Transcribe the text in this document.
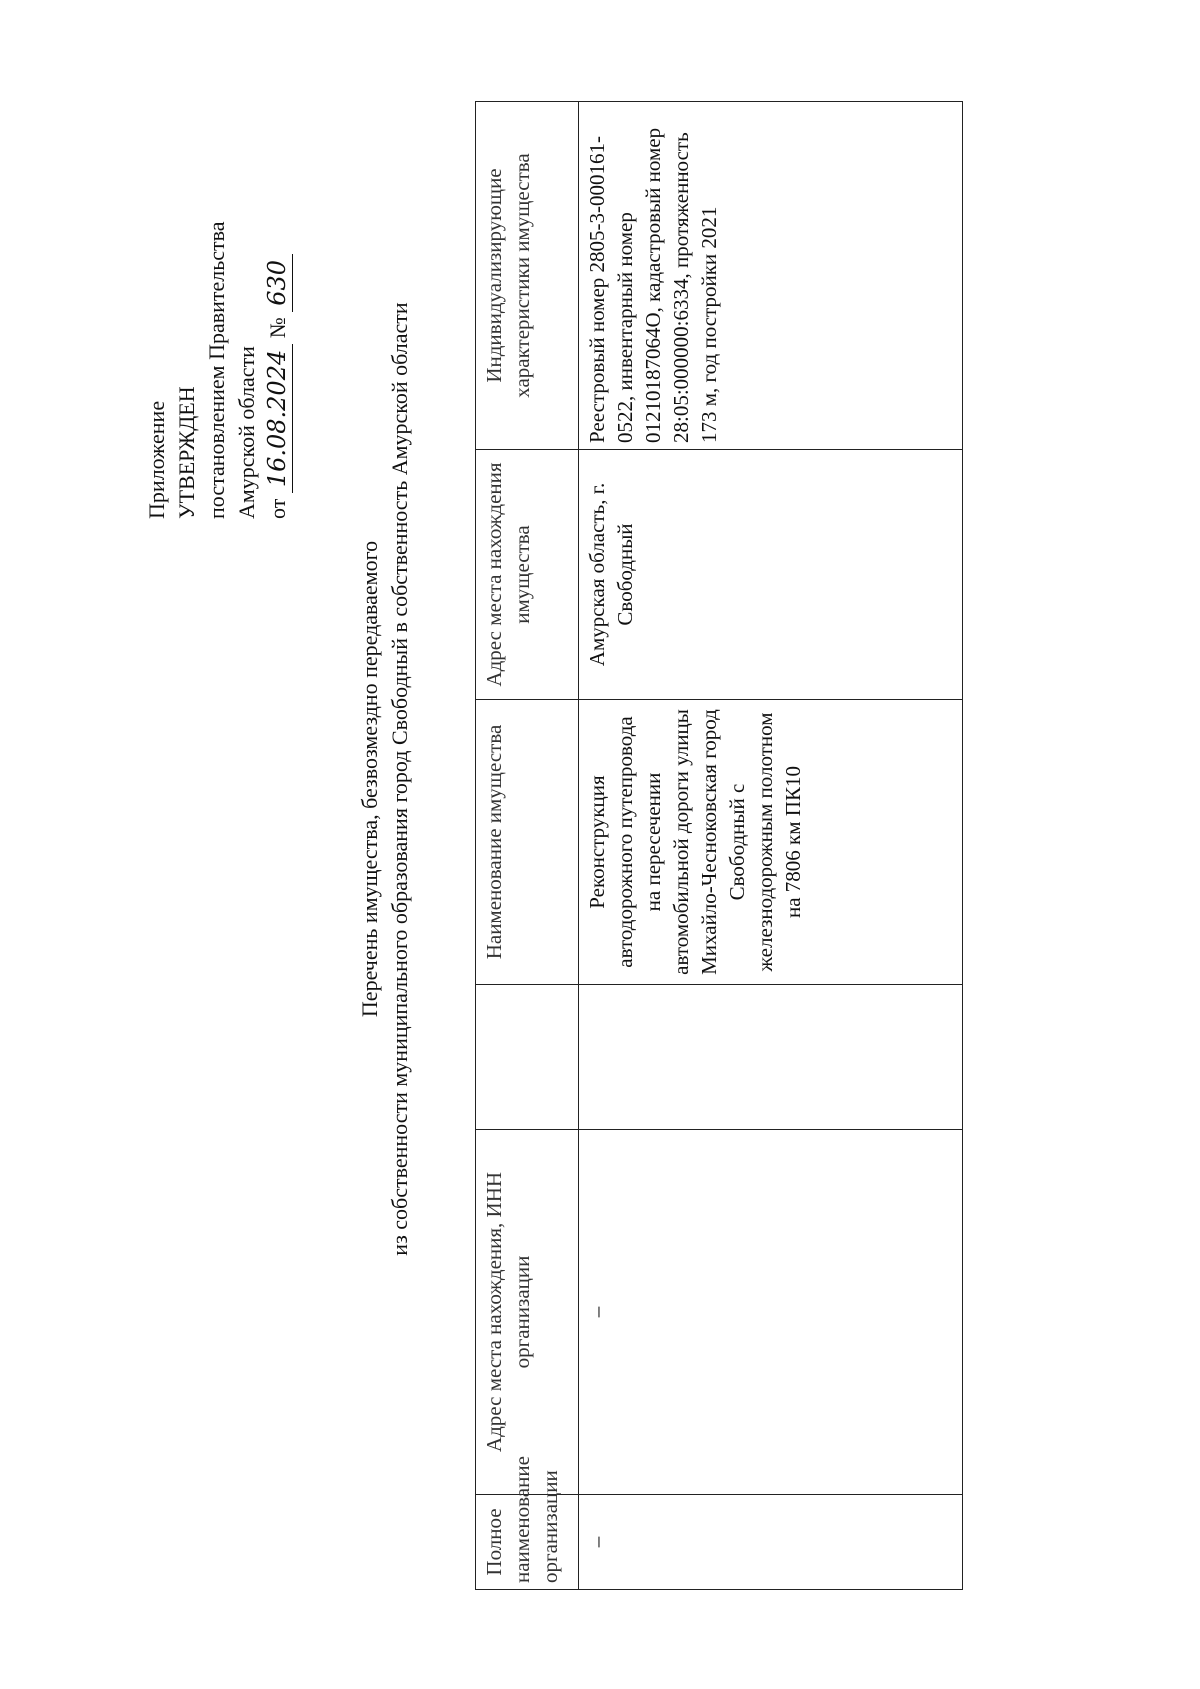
Приложение УТВЕРЖДЕН постановлением Правительства Амурской области от 16.08.2024 № 630
Перечень имущества, безвозмездно передаваемого из собственности муниципального образования город Свободный в собственность Амурской области
Полное наименование организации	Адрес места нахождения, ИНН организации		Наименование имущества	Адрес места нахождения имущества	Индивидуализирующие характеристики имущества
–	–		Реконструкция автодорожного путепровода на пересечении автомобильной дороги улицы Михайло-Чесноковская город Свободный с железнодорожным полотном на 7806 км ПК10	Амурская область, г. Свободный	Реестровый номер 2805-3-000161-0522, инвентарный номер 01210187064О, кадастровый номер 28:05:000000:6334, протяженность 173 м, год постройки 2021
